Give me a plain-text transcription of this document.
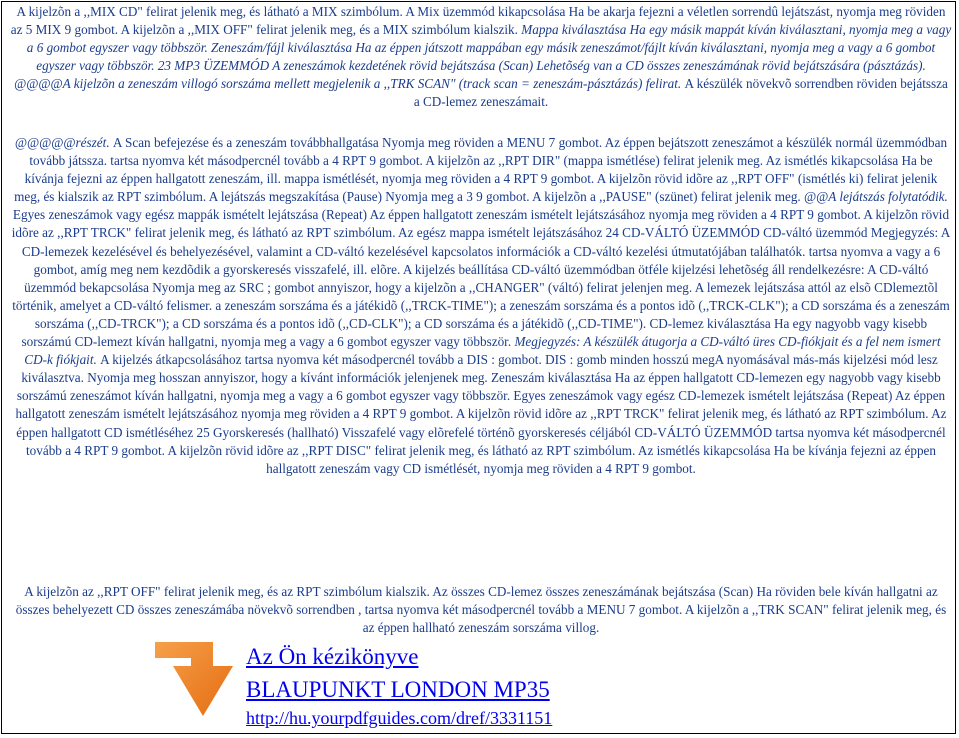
A kijelzõn a ,,MIX CD" felirat jelenik meg, és látható a MIX szimbólum. A Mix üzemmód kikapcsolása Ha be akarja fejezni a véletlen sorrendû lejátszást, nyomja meg röviden az 5 MIX 9 gombot. A kijelzõn a ,,MIX OFF" felirat jelenik meg, és a MIX szimbólum kialszik. Mappa kiválasztása Ha egy másik mappát kíván kiválasztani, nyomja meg a vagy a 6 gombot egyszer vagy többször. Zeneszám/fájl kiválasztása Ha az éppen játszott mappában egy másik zeneszámot/fájlt kíván kiválasztani, nyomja meg a vagy a 6 gombot egyszer vagy többször. 23 MP3 ÜZEMMÓD A zeneszámok kezdetének rövid bejátszása (Scan) Lehetõség van a CD összes zeneszámának rövid bejátszására (pásztázás). @@@@A kijelzõn a zeneszám villogó sorszáma mellett megjelenik a ,,TRK SCAN" (track scan = zeneszám-pásztázás) felirat. A készülék növekvõ sorrendben röviden bejátssza a CD-lemez zeneszámait.

@@@@@részét. A Scan befejezése és a zeneszám továbbhallgatása Nyomja meg röviden a MENU 7 gombot. Az éppen bejátszott zeneszámot a készülék normál üzemmódban tovább játssza. tartsa nyomva két másodpercnél tovább a 4 RPT 9 gombot. A kijelzõn az ,,RPT DIR" (mappa ismétlése) felirat jelenik meg. Az ismétlés kikapcsolása Ha be kívánja fejezni az éppen hallgatott zeneszám, ill. mappa ismétlését, nyomja meg röviden a 4 RPT 9 gombot. A kijelzõn rövid idõre az ,,RPT OFF" (ismétlés ki) felirat jelenik meg, és kialszik az RPT szimbólum. A lejátszás megszakítása (Pause) Nyomja meg a 3 9 gombot. A kijelzõn a ,,PAUSE" (szünet) felirat jelenik meg. @@A lejátszás folytatódik. Egyes zeneszámok vagy egész mappák ismételt lejátszása (Repeat) Az éppen hallgatott zeneszám ismételt lejátszásához nyomja meg röviden a 4 RPT 9 gombot. A kijelzõn rövid idõre az ,,RPT TRCK" felirat jelenik meg, és látható az RPT szimbólum. Az egész mappa ismételt lejátszásához 24 CD-VÁLTÓ ÜZEMMÓD CD-váltó üzemmód Megjegyzés: A CD-lemezek kezelésével és behelyezésével, valamint a CD-váltó kezelésével kapcsolatos információk a CD-váltó kezelési útmutatójában találhatók. tartsa nyomva a vagy a 6 gombot, amíg meg nem kezdõdik a gyorskeresés visszafelé, ill. elõre. A kijelzés beállítása CD-váltó üzemmódban ötféle kijelzési lehetõség áll rendelkezésre: A CD-váltó üzemmód bekapcsolása Nyomja meg az SRC ; gombot annyiszor, hogy a kijelzõn a ,,CHANGER" (váltó) felirat jelenjen meg. A lemezek lejátszása attól az elsõ CDlemeztõl történik, amelyet a CD-váltó felismer. a zeneszám sorszáma és a játékidõ (,,TRCK-TIME"); a zeneszám sorszáma és a pontos idõ (,,TRCK-CLK"); a CD sorszáma és a zeneszám sorszáma (,,CD-TRCK"); a CD sorszáma és a pontos idõ (,,CD-CLK"); a CD sorszáma és a játékidõ (,,CD-TIME"). CD-lemez kiválasztása Ha egy nagyobb vagy kisebb sorszámú CD-lemezt kíván hallgatni, nyomja meg a vagy a 6 gombot egyszer vagy többször. Megjegyzés: A készülék átugorja a CD-váltó üres CD-fiókjait és a fel nem ismert CD-k fiókjait. A kijelzés átkapcsolásához tartsa nyomva két másodpercnél tovább a DIS : gombot. DIS : gomb minden hosszú megA nyomásával más-más kijelzési mód lesz kiválasztva. Nyomja meg hosszan annyiszor, hogy a kívánt információk jelenjenek meg. Zeneszám kiválasztása Ha az éppen hallgatott CD-lemezen egy nagyobb vagy kisebb sorszámú zeneszámot kíván hallgatni, nyomja meg a vagy a 6 gombot egyszer vagy többször. Egyes zeneszámok vagy egész CD-lemezek ismételt lejátszása (Repeat) Az éppen hallgatott zeneszám ismételt lejátszásához nyomja meg röviden a 4 RPT 9 gombot. A kijelzõn rövid idõre az ,,RPT TRCK" felirat jelenik meg, és látható az RPT szimbólum. Az éppen hallgatott CD ismétléséhez 25 Gyorskeresés (hallható) Visszafelé vagy elõrefelé történõ gyorskeresés céljából CD-VÁLTÓ ÜZEMMÓD tartsa nyomva két másodpercnél tovább a 4 RPT 9 gombot. A kijelzõn rövid idõre az ,,RPT DISC" felirat jelenik meg, és látható az RPT szimbólum. Az ismétlés kikapcsolása Ha be kívánja fejezni az éppen hallgatott zeneszám vagy CD ismétlését, nyomja meg röviden a 4 RPT 9 gombot.

A kijelzõn az ,,RPT OFF" felirat jelenik meg, és az RPT szimbólum kialszik. Az összes CD-lemez összes zeneszámának bejátszása (Scan) Ha röviden bele kíván hallgatni az összes behelyezett CD összes zeneszámába növekvõ sorrendben , tartsa nyomva két másodpercnél tovább a MENU 7 gombot. A kijelzõn a ,,TRK SCAN" felirat jelenik meg, és az éppen hallható zeneszám sorszáma villog.

Az Ön kézikönyve
BLAUPUNKT LONDON MP35
http://hu.yourpdfguides.com/dref/3331151
